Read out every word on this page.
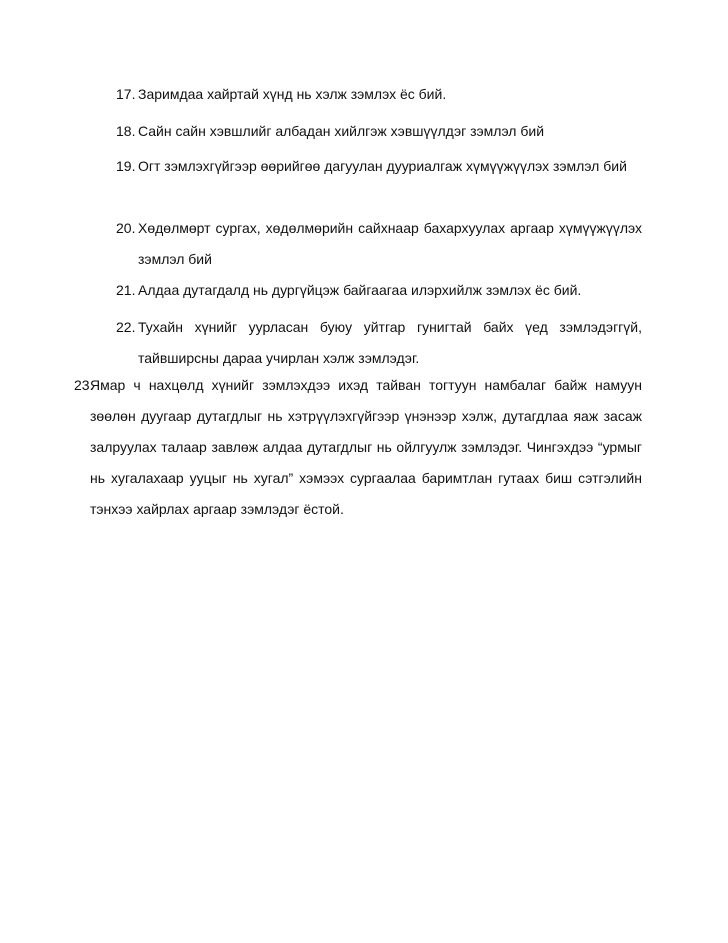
17. Заримдаа хайртай хүнд нь хэлж зэмлэх ёс бий.
18. Сайн сайн хэвшлийг албадан хийлгэж хэвшүүлдэг зэмлэл бий
19. Огт зэмлэхгүйгээр өөрийгөө дагуулан дууриалгаж хүмүүжүүлэх зэмлэл бий
20. Хөдөлмөрт сургах, хөдөлмөрийн сайхнаар бахархуулах аргаар хүмүүжүүлэх зэмлэл бий
21. Алдаа дутагдалд нь дургүйцэж байгаагаа илэрхийлж зэмлэх ёс бий.
22. Тухайн хүнийг уурласан буюу уйтгар гунигтай байх үед зэмлэдэггүй, тайвширсны дараа учирлан хэлж зэмлэдэг.
23.
Ямар ч нахцөлд хүнийг зэмлэхдээ ихэд тайван тогтуун намбалаг байж намуун зөөлөн дуугаар дутагдлыг нь хэтрүүлэхгүйгээр үнэнээр хэлж, дутагдлаа яаж засаж залруулах талаар завлөж алдаа дутагдлыг нь ойлгуулж зэмлэдэг. Чингэхдээ “урмыг нь хугалахаар ууцыг нь хугал” хэмээх сургаалаа баримтлан гутаах биш сэтгэлийн тэнхээ хайрлах аргаар зэмлэдэг ёстой.
